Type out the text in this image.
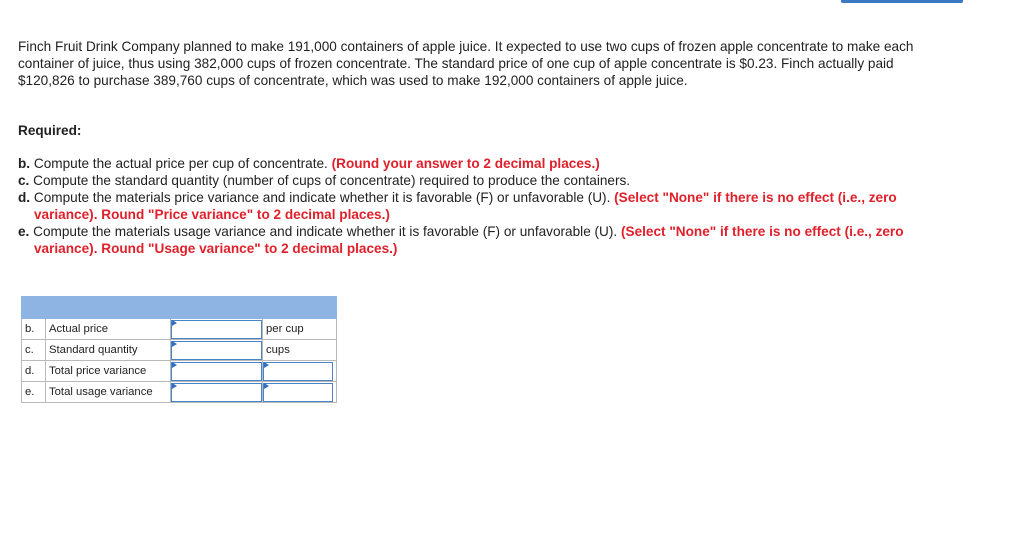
Finch Fruit Drink Company planned to make 191,000 containers of apple juice. It expected to use two cups of frozen apple concentrate to make each container of juice, thus using 382,000 cups of frozen concentrate. The standard price of one cup of apple concentrate is $0.23. Finch actually paid $120,826 to purchase 389,760 cups of concentrate, which was used to make 192,000 containers of apple juice.

Required:

b. Compute the actual price per cup of concentrate. (Round your answer to 2 decimal places.)
c. Compute the standard quantity (number of cups of concentrate) required to produce the containers.
d. Compute the materials price variance and indicate whether it is favorable (F) or unfavorable (U). (Select "None" if there is no effect (i.e., zero variance). Round "Price variance" to 2 decimal places.)
e. Compute the materials usage variance and indicate whether it is favorable (F) or unfavorable (U). (Select "None" if there is no effect (i.e., zero variance). Round "Usage variance" to 2 decimal places.)

b.	Actual price		per cup
c.	Standard quantity		cups
d.	Total price variance	

e.	Total usage variance	
